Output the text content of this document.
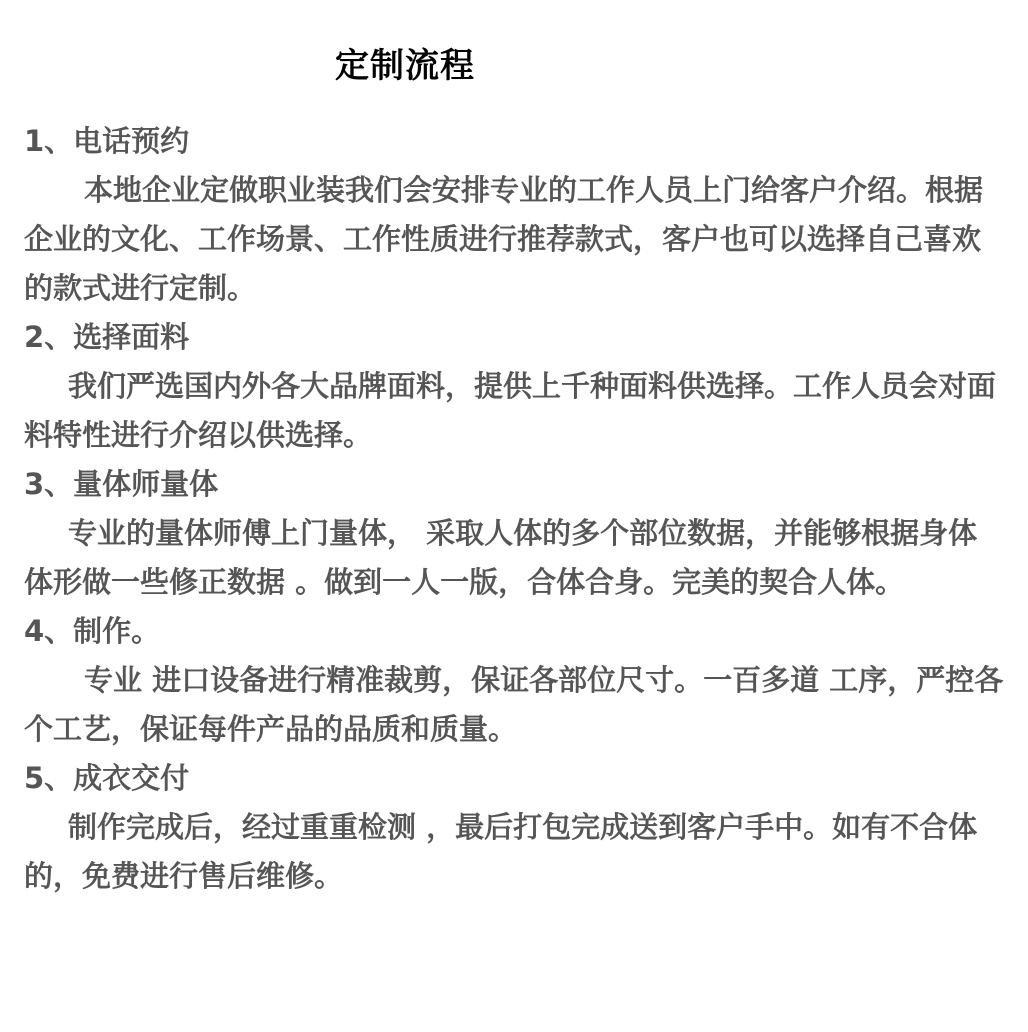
定制流程
1、电话预约
本地企业定做职业装我们会安排专业的工作人员上门给客户介绍。根据企业的文化、工作场景、工作性质进行推荐款式，客户也可以选择自己喜欢的款式进行定制。
2、选择面料
我们严选国内外各大品牌面料，提供上千种面料供选择。工作人员会对面料特性进行介绍以供选择。
3、量体师量体
专业的量体师傅上门量体， 采取人体的多个部位数据，并能够根据身体体形做一些修正数据 。做到一人一版，合体合身。完美的契合人体。
4、制作。
专业 进口设备进行精准裁剪，保证各部位尺寸。一百多道 工序，严控各个工艺，保证每件产品的品质和质量。
5、成衣交付
制作完成后，经过重重检测 ，最后打包完成送到客户手中。如有不合体的，免费进行售后维修。
